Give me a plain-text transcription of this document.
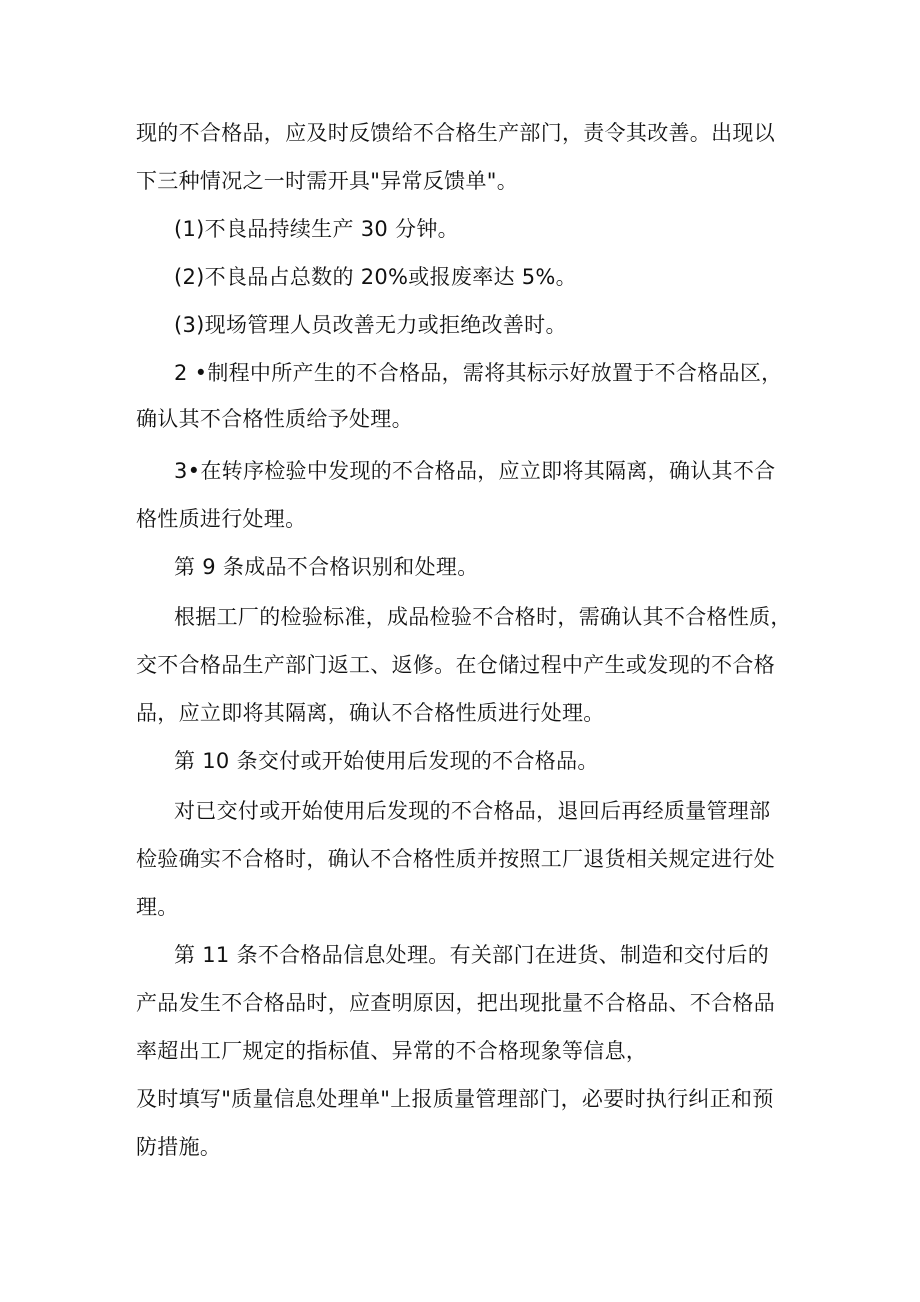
现的不合格品，应及时反馈给不合格生产部门，责令其改善。出现以
下三种情况之一时需开具"异常反馈单"。
(1)不良品持续生产 30 分钟。
(2)不良品占总数的 20%或报废率达 5%。
(3)现场管理人员改善无力或拒绝改善时。
2 •制程中所产生的不合格品，需将其标示好放置于不合格品区，
确认其不合格性质给予处理。
3•在转序检验中发现的不合格品，应立即将其隔离，确认其不合
格性质进行处理。
第 9 条成品不合格识别和处理。
根据工厂的检验标准，成品检验不合格时，需确认其不合格性质，
交不合格品生产部门返工、返修。在仓储过程中产生或发现的不合格
品，应立即将其隔离，确认不合格性质进行处理。
第 10 条交付或开始使用后发现的不合格品。
对已交付或开始使用后发现的不合格品，退回后再经质量管理部
检验确实不合格时，确认不合格性质并按照工厂退货相关规定进行处
理。
第 11 条不合格品信息处理。有关部门在进货、制造和交付后的
产品发生不合格品时，应查明原因，把出现批量不合格品、不合格品
率超出工厂规定的指标值、异常的不合格现象等信息，
及时填写"质量信息处理单"上报质量管理部门，必要时执行纠正和预
防措施。
